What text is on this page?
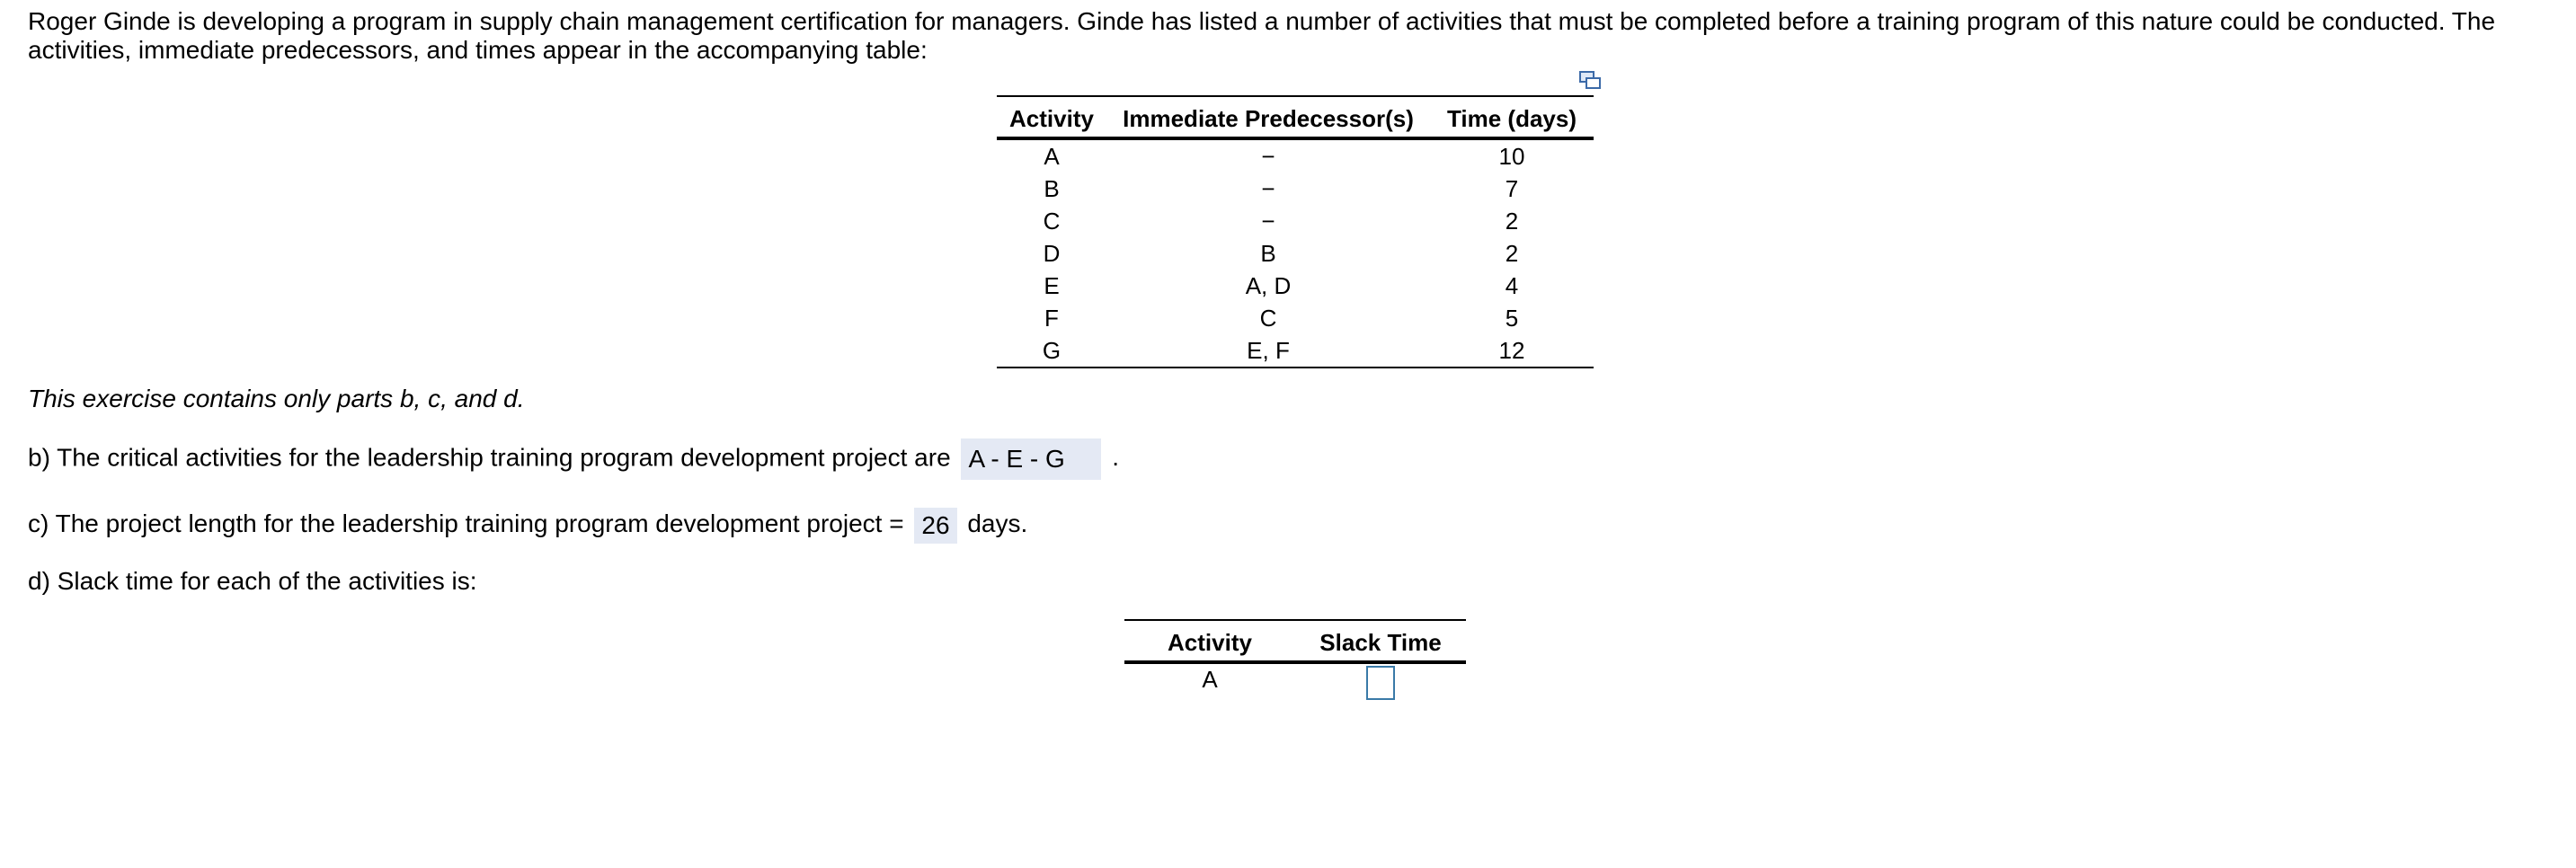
Roger Ginde is developing a program in supply chain management certification for managers. Ginde has listed a number of activities that must be completed before a training program of this nature could be conducted. The activities, immediate predecessors, and times appear in the accompanying table:
Activity	Immediate Predecessor(s)	Time (days)
A	−	10
B	−	7
C	−	2
D	B	2
E	A, D	4
F	C	5
G	E, F	12
This exercise contains only parts b, c, and d.
b) The critical activities for the leadership training program development project are A - E - G .
c) The project length for the leadership training program development project = 26 days.
d) Slack time for each of the activities is:
Activity	Slack Time
A	
